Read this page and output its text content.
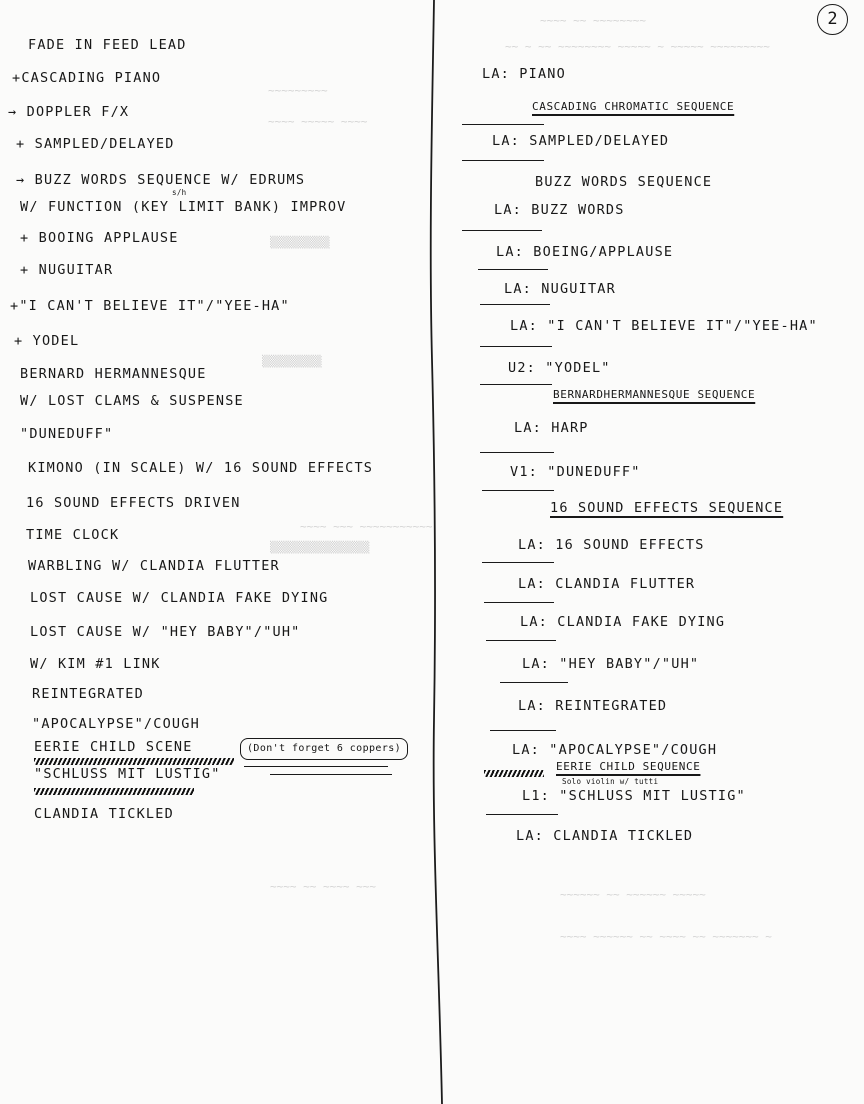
~~~~ ~~ ~~~~~~~~
~~ ~ ~~ ~~~~~~~~ ~~~~~ ~ ~~~~~ ~~~~~~~~~
~~~~~~~~~
~~~~ ~~~~~ ~~~~
▒▒▒▒▒▒▒▒▒
▒▒▒▒▒▒▒▒▒
~~~~ ~~~ ~~~~~~~~~~~
▒▒▒▒▒▒▒▒▒▒▒▒▒▒▒
~~~~~~ ~~ ~~~~~~ ~~~~~
~~~~ ~~~~~~ ~~ ~~~~ ~~ ~~~~~~~ ~
~~~~ ~~ ~~~~ ~~~
2
FADE IN FEED LEAD
+CASCADING PIANO
→ DOPPLER F/X
+ SAMPLED/DELAYED
→ BUZZ WORDS SEQUENCE W/ EDRUMS
s/h
W/ FUNCTION (KEY LIMIT BANK) IMPROV
+ BOOING APPLAUSE
+ NUGUITAR
+"I CAN'T BELIEVE IT"/"YEE-HA"
+ YODEL
BERNARD HERMANNESQUE
W/ LOST CLAMS & SUSPENSE
"DUNEDUFF"
KIMONO (IN SCALE) W/ 16 SOUND EFFECTS
16 SOUND EFFECTS DRIVEN
TIME CLOCK
WARBLING W/ CLANDIA FLUTTER
LOST CAUSE W/ CLANDIA FAKE DYING
LOST CAUSE W/ "HEY BABY"/"UH"
W/ KIM #1 LINK
REINTEGRATED
"APOCALYPSE"/COUGH
EERIE CHILD SCENE
"SCHLUSS MIT LUSTIG"
CLANDIA TICKLED
(Don't forget 6 coppers)
LA: PIANO
CASCADING CHROMATIC SEQUENCE
LA: SAMPLED/DELAYED
BUZZ WORDS SEQUENCE
LA: BUZZ WORDS
LA: BOEING/APPLAUSE
LA: NUGUITAR
LA: "I CAN'T BELIEVE IT"/"YEE-HA"
U2: "YODEL"
BERNARDHERMANNESQUE SEQUENCE
LA: HARP
V1: "DUNEDUFF"
16 SOUND EFFECTS SEQUENCE
LA: 16 SOUND EFFECTS
LA: CLANDIA FLUTTER
LA: CLANDIA FAKE DYING
LA: "HEY BABY"/"UH"
LA: REINTEGRATED
LA: "APOCALYPSE"/COUGH
EERIE CHILD SEQUENCE
Solo violin w/ tutti
L1: "SCHLUSS MIT LUSTIG"
LA: CLANDIA TICKLED
